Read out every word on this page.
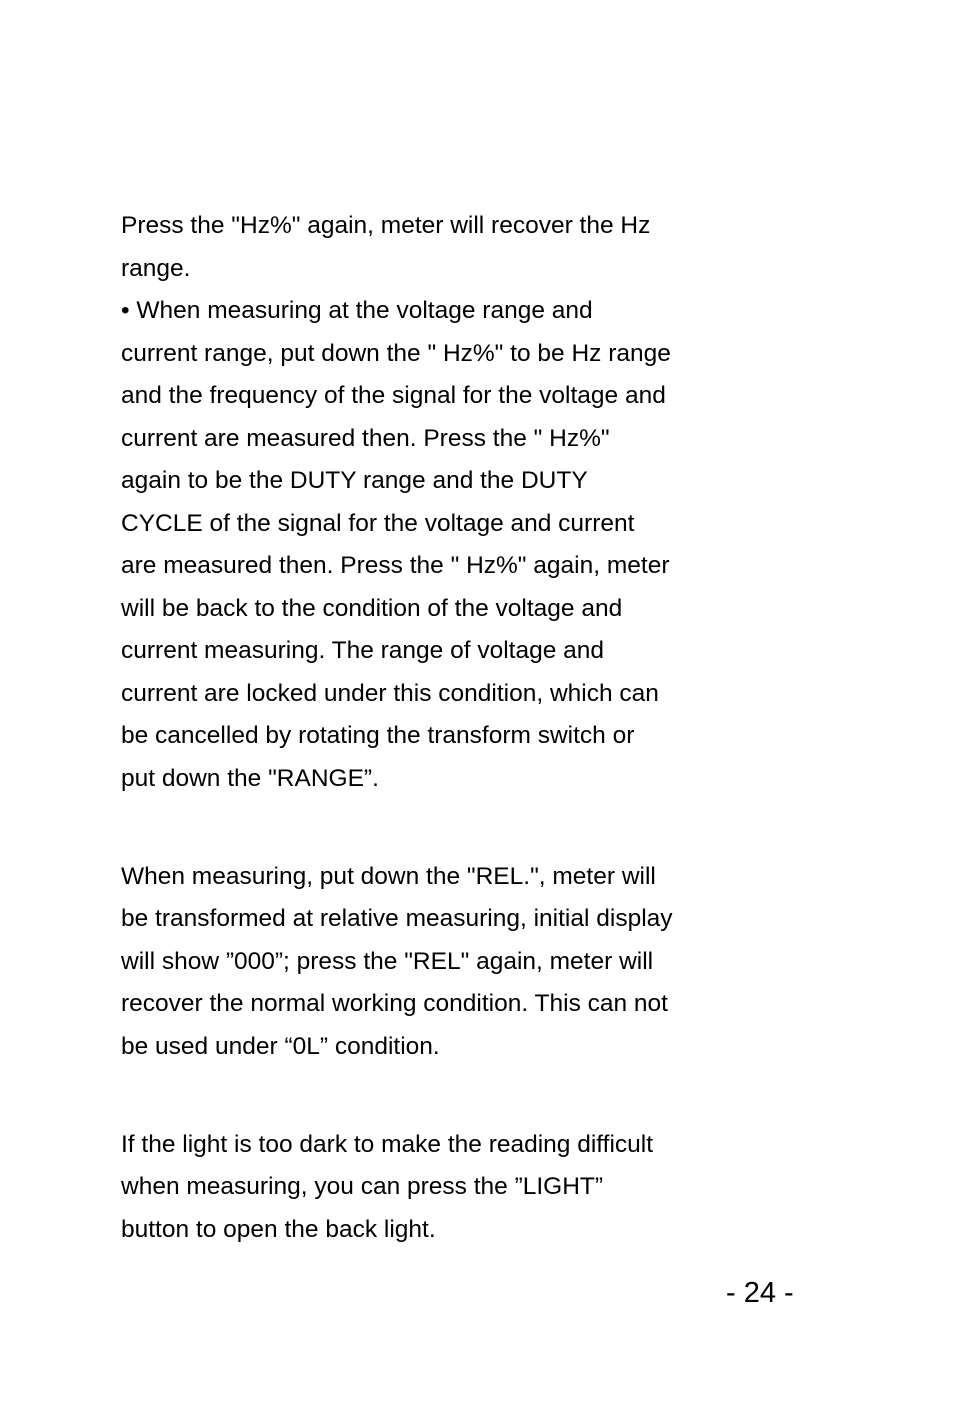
Press the "Hz%" again, meter will recover the Hz
range.
• When measuring at the voltage range and
current range, put down the " Hz%" to be Hz range
and the frequency of the signal for the voltage and
current are measured then. Press the " Hz%"
again to be the DUTY range and the DUTY
CYCLE of the signal for the voltage and current
are measured then. Press the " Hz%" again, meter
will be back to the condition of the voltage and
current measuring. The range of voltage and
current are locked under this condition, which can
be cancelled by rotating the transform switch or
put down the "RANGE”.
When measuring, put down the "REL.", meter will
be transformed at relative measuring, initial display
will show ”000”; press the "REL" again, meter will
recover the normal working condition. This can not
be used under “0L” condition.
If the light is too dark to make the reading difficult
when measuring, you can press the ”LIGHT”
button to open the back light.
- 24 -
